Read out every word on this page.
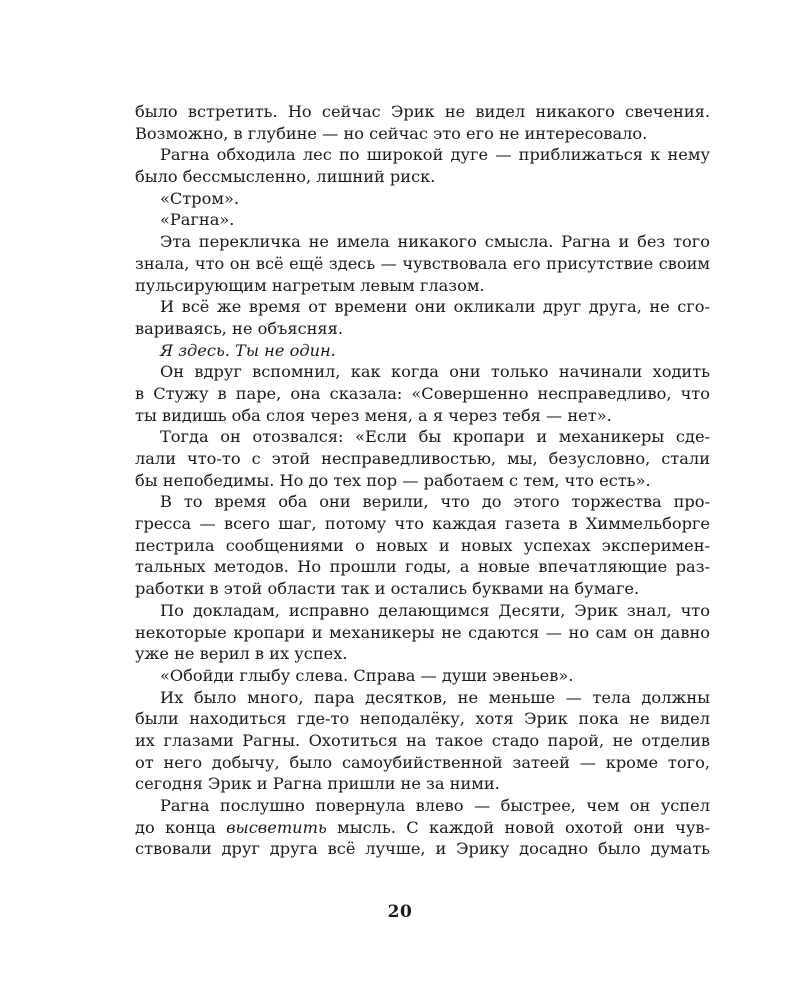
было встретить. Но сейчас Эрик не видел никакого свечения.
Возможно, в глубине — но сейчас это его не интересовало.
Рагна обходила лес по широкой дуге — приближаться к нему
было бессмысленно, лишний риск.
«Стром».
«Рагна».
Эта перекличка не имела никакого смысла. Рагна и без того
знала, что он всё ещё здесь — чувствовала его присутствие своим
пульсирующим нагретым левым глазом.
И всё же время от времени они окликали друг друга, не сго-
вариваясь, не объясняя.
Я здесь. Ты не один.
Он вдруг вспомнил, как когда они только начинали ходить
в Стужу в паре, она сказала: «Совершенно несправедливо, что
ты видишь оба слоя через меня, а я через тебя — нет».
Тогда он отозвался: «Если бы кропари и механикеры сде-
лали что-то с этой несправедливостью, мы, безусловно, стали
бы непобедимы. Но до тех пор — работаем с тем, что есть».
В то время оба они верили, что до этого торжества про-
гресса — всего шаг, потому что каждая газета в Химмельборге
пестрила сообщениями о новых и новых успехах эксперимен-
тальных методов. Но прошли годы, а новые впечатляющие раз-
работки в этой области так и остались буквами на бумаге.
По докладам, исправно делающимся Десяти, Эрик знал, что
некоторые кропари и механикеры не сдаются — но сам он давно
уже не верил в их успех.
«Обойди глыбу слева. Справа — души эвеньев».
Их было много, пара десятков, не меньше — тела должны
были находиться где-то неподалёку, хотя Эрик пока не видел
их глазами Рагны. Охотиться на такое стадо парой, не отделив
от него добычу, было самоубийственной затеей — кроме того,
сегодня Эрик и Рагна пришли не за ними.
Рагна послушно повернула влево — быстрее, чем он успел
до конца высветить мысль. С каждой новой охотой они чув-
ствовали друг друга всё лучше, и Эрику досадно было думать
20
